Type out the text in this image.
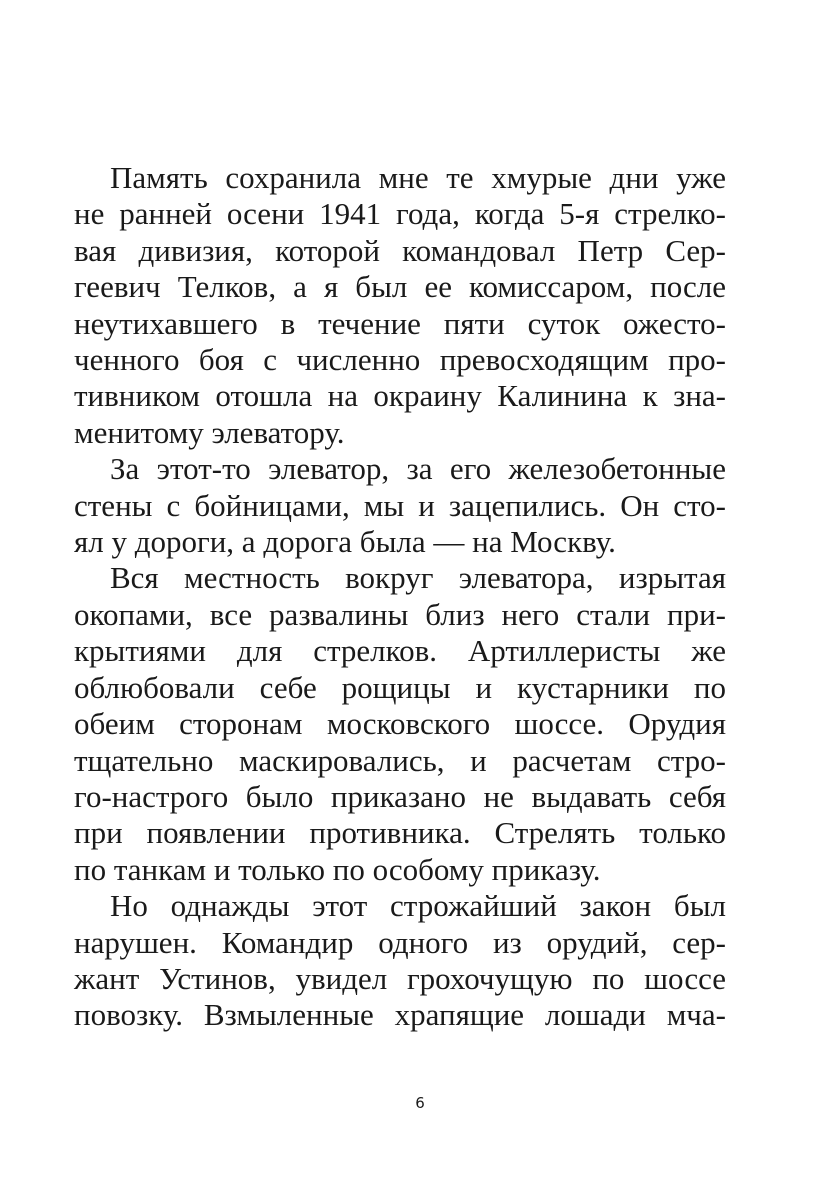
Память сохранила мне те хмурые дни уже
не ранней осени 1941 года, когда 5-я стрелко-
вая дивизия, которой командовал Петр Сер-
геевич Телков, а я был ее комиссаром, после
неутихавшего в течение пяти суток ожесто-
ченного боя с численно превосходящим про-
тивником отошла на окраину Калинина к зна-
менитому элеватору.

За этот-то элеватор, за его железобетонные
стены с бойницами, мы и зацепились. Он сто-
ял у дороги, а дорога была — на Москву.

Вся местность вокруг элеватора, изрытая
окопами, все развалины близ него стали при-
крытиями для стрелков. Артиллеристы же
облюбовали себе рощицы и кустарники по
обеим сторонам московского шоссе. Орудия
тщательно маскировались, и расчетам стро-
го-настрого было приказано не выдавать себя
при появлении противника. Стрелять только
по танкам и только по особому приказу.

Но однажды этот строжайший закон был
нарушен. Командир одного из орудий, сер-
жант Устинов, увидел грохочущую по шоссе
повозку. Взмыленные храпящие лошади мча-

6
